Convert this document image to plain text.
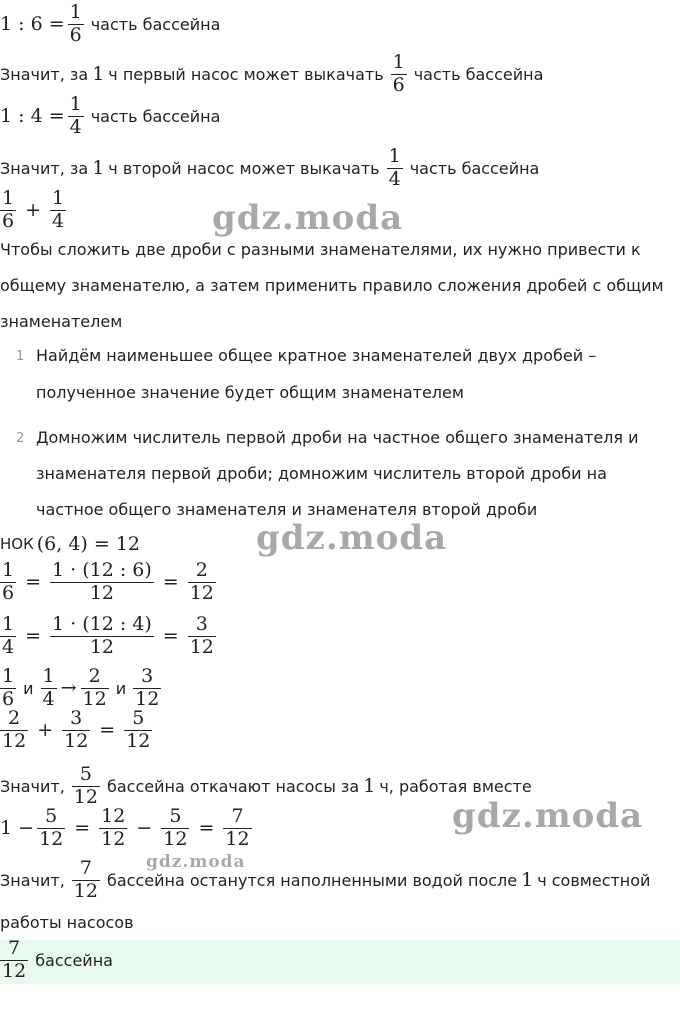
1 : $6 = \frac{1}{6}$ часть бассейна
Значит, за 1 ч первый насос может выкачать $\frac{1}{6}$ часть бассейна
1 : $4 = \frac{1}{4}$ часть бассейна
Значит, за 1 ч второй насос может выкачать $\frac{1}{4}$ часть бассейна
$\frac{1}{6} + \frac{1}{4}$	gdz.moda
Чтобы сложить две дроби с разными знаменателями, их нужно привести к
общему знаменателю, а затем применить правило сложения дробей с общим
знаменателем
1 Найдём наименьшее общее кратное знаменателей двух дробей –
полученное значение будет общим знаменателем
2 Домножим числитель первой дроби на частное общего знаменателя и
знаменателя первой дроби; домножим числитель второй дроби на
частное общего знаменателя и знаменателя второй дроби
НОК (6, 4) = 12	gdz.moda
$\frac{1}{6} = \frac{1 \cdot (12 : 6)}{12} = \frac{2}{12}$
$\frac{1}{4} = \frac{1 \cdot (12 : 4)}{12} = \frac{3}{12}$
$\frac{1}{6}$ и $\frac{1}{4} \to \frac{2}{12}$ и $\frac{3}{12}$
$\frac{2}{12} + \frac{3}{12} = \frac{5}{12}$
Значит, $\frac{5}{12}$ бассейна откачают насосы за 1 ч, работая вместе
$1 - \frac{5}{12} = \frac{12}{12} - \frac{5}{12} = \frac{7}{12}$	gdz.moda
gdz.moda
Значит, $\frac{7}{12}$ бассейна останутся наполненными водой после 1 ч совместной
работы насосов
$\frac{7}{12}$ бассейна
